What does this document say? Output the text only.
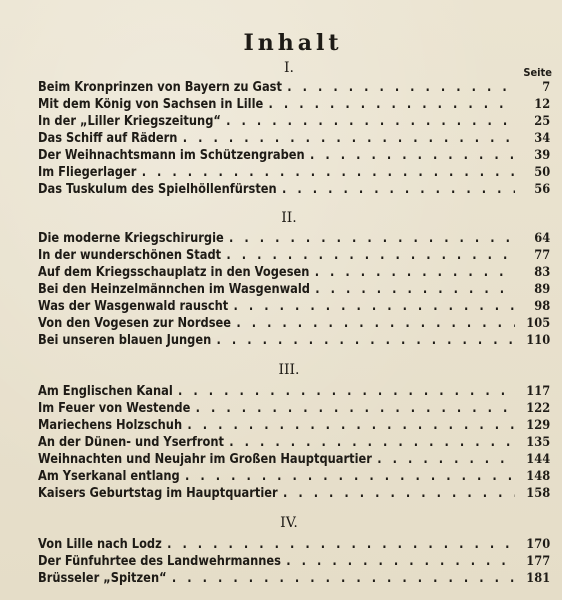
Inhalt
Seite
I.
Beim Kronprinzen von Bayern zu Gast . . .	7
Mit dem König von Sachsen in Lille . . .	12
In der „Liller Kriegszeitung“ . . .	25
Das Schiff auf Rädern . . .	34
Der Weihnachtsmann im Schützengraben . . .	39
Im Fliegerlager . . .	50
Das Tuskulum des Spielhöllenfürsten . . .	56
II.
Die moderne Kriegschirurgie . . .	64
In der wunderschönen Stadt . . .	77
Auf dem Kriegsschauplatz in den Vogesen . . .	83
Bei den Heinzelmännchen im Wasgenwald . . .	89
Was der Wasgenwald rauscht . . .	98
Von den Vogesen zur Nordsee . . .	105
Bei unseren blauen Jungen . . .	110
III.
Am Englischen Kanal . . .	117
Im Feuer von Westende . . .	122
Mariechens Holzschuh . . .	129
An der Dünen- und Yserfront . . .	135
Weihnachten und Neujahr im Großen Hauptquartier . . .	144
Am Yserkanal entlang . . .	148
Kaisers Geburtstag im Hauptquartier . . .	158
IV.
Von Lille nach Lodz . . .	170
Der Fünfuhrtee des Landwehrmannes . . .	177
Brüsseler „Spitzen“ . . .	181
